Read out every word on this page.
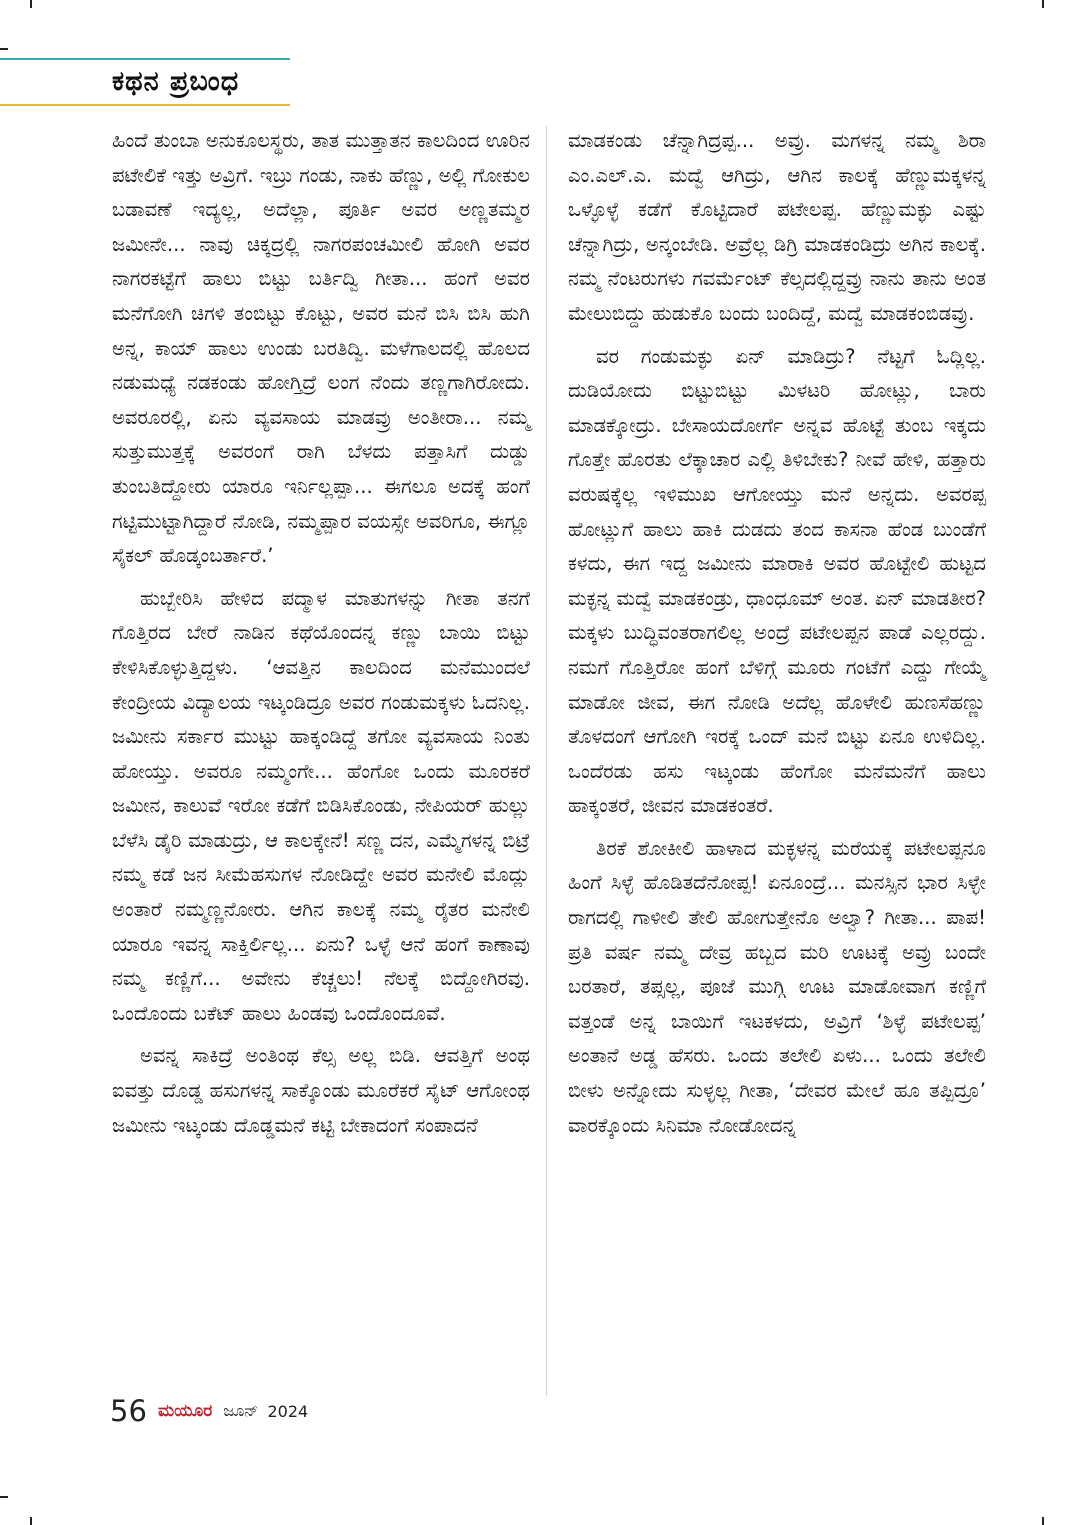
ಕಥನ ಪ್ರಬಂಧ

ಹಿಂದೆ ತುಂಬಾ ಅನುಕೂಲಸ್ಥರು, ತಾತ ಮುತ್ತಾತನ ಕಾಲದಿಂದ ಊರಿನ ಪಟೇಲಿಕೆ ಇತ್ತು ಅವ್ರಿಗೆ. ಇಬ್ರು ಗಂಡು, ನಾಕು ಹೆಣ್ಣು, ಅಲ್ಲಿ ಗೋಕುಲ ಬಡಾವಣೆ ಇದ್ಯಲ್ಲ, ಅದೆಲ್ಲಾ, ಪೂರ್ತಿ ಅವರ ಅಣ್ಣತಮ್ಮರ ಜಮೀನೇ... ನಾವು ಚಿಕ್ಕದ್ರಲ್ಲಿ ನಾಗರಪಂಚಮೀಲಿ ಹೋಗಿ ಅವರ ನಾಗರಕಟ್ಟೆಗೆ ಹಾಲು ಬಿಟ್ಟು ಬರ್ತಿದ್ವಿ ಗೀತಾ... ಹಂಗೆ ಅವರ ಮನೆಗೋಗಿ ಚಿಗಳಿ ತಂಬಿಟ್ಟು ಕೊಟ್ಟು, ಅವರ ಮನೆ ಬಿಸಿ ಬಿಸಿ ಹುಗಿ ಅನ್ನ, ಕಾಯ್ ಹಾಲು ಉಂಡು ಬರತಿದ್ವಿ. ಮಳೆಗಾಲದಲ್ಲಿ ಹೊಲದ ನಡುಮಧ್ಯೆ ನಡಕಂಡು ಹೋಗ್ತಿದ್ರೆ ಲಂಗ ನೆಂದು ತಣ್ಣಗಾಗಿರೋದು. ಅವರೂರಲ್ಲಿ, ಏನು ವ್ಯವಸಾಯ ಮಾಡವ್ರು ಅಂತೀರಾ... ನಮ್ಮ ಸುತ್ತುಮುತ್ತಕ್ಕೆ ಅವರಂಗೆ ರಾಗಿ ಬೆಳದು ಪತ್ತಾಸಿಗೆ ದುಡ್ಡು ತುಂಬತಿದ್ದೋರು ಯಾರೂ ಇರ್ನಿಲ್ಲಪ್ಪಾ... ಈಗಲೂ ಅದಕ್ಕೆ ಹಂಗೆ ಗಟ್ಟಿಮುಟ್ಟಾಗಿದ್ದಾರೆ ನೋಡಿ, ನಮ್ಮಪ್ಪಾರ ವಯಸ್ಸೇ ಅವರಿಗೂ, ಈಗ್ಲೂ ಸೈಕಲ್ ಹೊಡ್ಕಂಬರ್ತಾರೆ.’

ಹುಬ್ಬೇರಿಸಿ ಹೇಳಿದ ಪದ್ಮಾಳ ಮಾತುಗಳನ್ನು ಗೀತಾ ತನಗೆ ಗೊತ್ತಿರದ ಬೇರೆ ನಾಡಿನ ಕಥೆಯೊಂದನ್ನ ಕಣ್ಣು ಬಾಯಿ ಬಿಟ್ಟು ಕೇಳಿಸಿಕೊಳ್ಳುತ್ತಿದ್ದಳು. ‘ಆವತ್ತಿನ ಕಾಲದಿಂದ ಮನೆಮುಂದಲೆ ಕೇಂದ್ರೀಯ ವಿದ್ಯಾಲಯ ಇಟ್ಕಂಡಿದ್ರೂ ಅವರ ಗಂಡುಮಕ್ಕಳು ಓದನಿಲ್ಲ. ಜಮೀನು ಸರ್ಕಾರ ಮುಟ್ಟು ಹಾಕ್ಕಂಡಿದ್ದೆ ತಗೋ ವ್ಯವಸಾಯ ನಿಂತು ಹೋಯ್ತು. ಅವರೂ ನಮ್ಮಂಗೇ... ಹೆಂಗೋ ಒಂದು ಮೂರಕರೆ ಜಮೀನ, ಕಾಲುವೆ ಇರೋ ಕಡೆಗೆ ಬಿಡಿಸಿಕೊಂಡು, ನೇಪಿಯರ್ ಹುಲ್ಲು ಬೆಳೆಸಿ ಡೈರಿ ಮಾಡುದ್ರು, ಆ ಕಾಲಕ್ಕೇನೆ! ಸಣ್ಣ ದನ, ಎಮ್ಮೆಗಳನ್ನ ಬಿಟ್ರೆ ನಮ್ಮ ಕಡೆ ಜನ ಸೀಮೆಹಸುಗಳ ನೋಡಿದ್ದೇ ಅವರ ಮನೇಲಿ ಮೊದ್ಲು ಅಂತಾರೆ ನಮ್ಮಣ್ಣನೋರು. ಆಗಿನ ಕಾಲಕ್ಕೆ ನಮ್ಮ ರೈತರ ಮನೇಲಿ ಯಾರೂ ಇವನ್ನ ಸಾಕ್ತಿರ್ಲಿಲ್ಲ... ಏನು? ಒಳ್ಳೆ ಆನೆ ಹಂಗೆ ಕಾಣಾವು ನಮ್ಮ ಕಣ್ಣಿಗೆ... ಅವೇನು ಕೆಚ್ಚಲು! ನೆಲಕ್ಕೆ ಬಿದ್ದೋಗಿರವು. ಒಂದೊಂದು ಬಕೆಟ್ ಹಾಲು ಹಿಂಡವು ಒಂದೊಂದೂವೆ.

ಅವನ್ನ ಸಾಕಿದ್ರೆ ಅಂತಿಂಥ ಕೆಲ್ಸ ಅಲ್ಲ ಬಿಡಿ. ಆವತ್ತಿಗೆ ಅಂಥ ಐವತ್ತು ದೊಡ್ಡ ಹಸುಗಳನ್ನ ಸಾಕ್ಕೊಂಡು ಮೂರೆಕರೆ ಸೈಟ್ ಆಗೋಂಥ ಜಮೀನು ಇಟ್ಕಂಡು ದೊಡ್ಡಮನೆ ಕಟ್ಟಿ ಬೇಕಾದಂಗೆ ಸಂಪಾದನೆ

ಮಾಡಕಂಡು ಚೆನ್ನಾಗಿದ್ರಪ್ಪ... ಅವ್ರು. ಮಗಳನ್ನ ನಮ್ಮ ಶಿರಾ ಎಂ.ಎಲ್.ಎ. ಮದ್ವೆ ಆಗಿದ್ರು, ಆಗಿನ ಕಾಲಕ್ಕೆ ಹೆಣ್ಣುಮಕ್ಕಳನ್ನ ಒಳ್ಳೊಳ್ಳೆ ಕಡೆಗೆ ಕೊಟ್ಟಿದಾರೆ ಪಟೇಲಪ್ಪ. ಹೆಣ್ಣುಮಕ್ಳು ಎಷ್ಟು ಚೆನ್ನಾಗಿದ್ರು, ಅನ್ಕಂಬೇಡಿ. ಅವ್ರೆಲ್ಲ ಡಿಗ್ರಿ ಮಾಡಕಂಡಿದ್ರು ಅಗಿನ ಕಾಲಕ್ಕೆ. ನಮ್ಮ ನೆಂಟರುಗಳು ಗವರ್ಮೆಂಟ್ ಕೆಲ್ಸದಲ್ಲಿದ್ದವ್ರು ನಾನು ತಾನು ಅಂತ ಮೇಲುಬಿದ್ದು ಹುಡುಕೊ ಬಂದು ಬಂದಿದ್ದೆ, ಮದ್ವೆ ಮಾಡಕಂಬಿಡವ್ರು.

ವರ ಗಂಡುಮಕ್ಳು ಏನ್ ಮಾಡಿದ್ರು? ನೆಟ್ಟಗೆ ಓದ್ಲಿಲ್ಲ. ದುಡಿಯೋದು ಬಿಟ್ಟುಬಿಟ್ಟು ಮಿಳಟರಿ ಹೋಟ್ಲು, ಬಾರು ಮಾಡಕ್ಕೋದ್ರು. ಬೇಸಾಯದೋರ್ಗೆ ಅನ್ನವ ಹೊಟ್ಟೆ ತುಂಬ ಇಕ್ಕದು ಗೊತ್ತೇ ಹೊರತು ಲೆಕ್ಕಾಚಾರ ಎಲ್ಲಿ ತಿಳಿಬೇಕು? ನೀವೆ ಹೇಳಿ, ಹತ್ತಾರು ವರುಷಕ್ಕೆಲ್ಲ ಇಳಿಮುಖ ಆಗೋಯ್ತು ಮನೆ ಅನ್ನದು. ಅವರಪ್ಪ ಹೋಟ್ಲುಗೆ ಹಾಲು ಹಾಕಿ ದುಡದು ತಂದ ಕಾಸನಾ ಹೆಂಡ ಬುಂಡೆಗೆ ಕಳದು, ಈಗ ಇದ್ದ ಜಮೀನು ಮಾರಾಕಿ ಅವರ ಹೊಟ್ಟೇಲಿ ಹುಟ್ಟದ ಮಕ್ಳನ್ನ ಮದ್ವೆ ಮಾಡಕಂಡ್ರು, ಧಾಂಧೂಮ್ ಅಂತ. ಏನ್ ಮಾಡತೀರ? ಮಕ್ಕಳು ಬುದ್ಧಿವಂತರಾಗಲಿಲ್ಲ ಅಂದ್ರೆ ಪಟೇಲಪ್ಪನ ಪಾಡೆ ಎಲ್ಲರದ್ದು. ನಮಗೆ ಗೊತ್ತಿರೋ ಹಂಗೆ ಬೆಳಿಗ್ಗೆ ಮೂರು ಗಂಟೆಗೆ ಎದ್ದು ಗೇಯ್ಮೆ ಮಾಡೋ ಜೀವ, ಈಗ ನೋಡಿ ಅದೆಲ್ಲ ಹೊಳೇಲಿ ಹುಣಸೆಹಣ್ಣು ತೊಳದಂಗೆ ಆಗೋಗಿ ಇರಕ್ಕೆ ಒಂದ್ ಮನೆ ಬಿಟ್ಟು ಏನೂ ಉಳಿದಿಲ್ಲ. ಒಂದೆರಡು ಹಸು ಇಟ್ಕಂಡು ಹೆಂಗೋ ಮನೆಮನೆಗೆ ಹಾಲು ಹಾಕ್ಕಂತರೆ, ಜೀವನ ಮಾಡಕಂತರೆ.

ತಿರಕೆ ಶೋಕೀಲಿ ಹಾಳಾದ ಮಕ್ಳಳನ್ನ ಮರೆಯಕ್ಕೆ ಪಟೇಲಪ್ಪನೂ ಹಿಂಗೆ ಸಿಳ್ಳೆ ಹೊಡಿತದೆನೋಪ್ಪ! ಏನೂಂದ್ರೆ... ಮನಸ್ಸಿನ ಭಾರ ಸಿಳ್ಳೇ ರಾಗದಲ್ಲಿ ಗಾಳೀಲಿ ತೇಲಿ ಹೋಗುತ್ತೇನೊ ಅಲ್ವಾ? ಗೀತಾ... ಪಾಪ! ಪ್ರತಿ ವರ್ಷ ನಮ್ಮ ದೇವ್ರ ಹಬ್ಬದ ಮರಿ ಊಟಕ್ಕೆ ಅವ್ರು ಬಂದೇ ಬರತಾರೆ, ತಪ್ಸಲ್ಲ, ಪೂಜೆ ಮುಗ್ಗಿ ಊಟ ಮಾಡೋವಾಗ ಕಣ್ಣಿಗೆ ವತ್ತಂಡೆ ಅನ್ನ ಬಾಯಿಗೆ ಇಟಕಳದು, ಅವ್ರಿಗೆ ‘ಶಿಳ್ಳೆ ಪಟೇಲಪ್ಪ’ ಅಂತಾನೆ ಅಡ್ಡ ಹೆಸರು. ಒಂದು ತಲೇಲಿ ಏಳು... ಒಂದು ತಲೇಲಿ ಬೀಳು ಅನ್ನೋದು ಸುಳ್ಳಲ್ಲ ಗೀತಾ, ‘ದೇವರ ಮೇಲೆ ಹೂ ತಪ್ಪಿದ್ರೂ’ ವಾರಕ್ಕೊಂದು ಸಿನಿಮಾ ನೋಡೋದನ್ನ

56 ಮಯೂರ ಜೂನ್ 2024
